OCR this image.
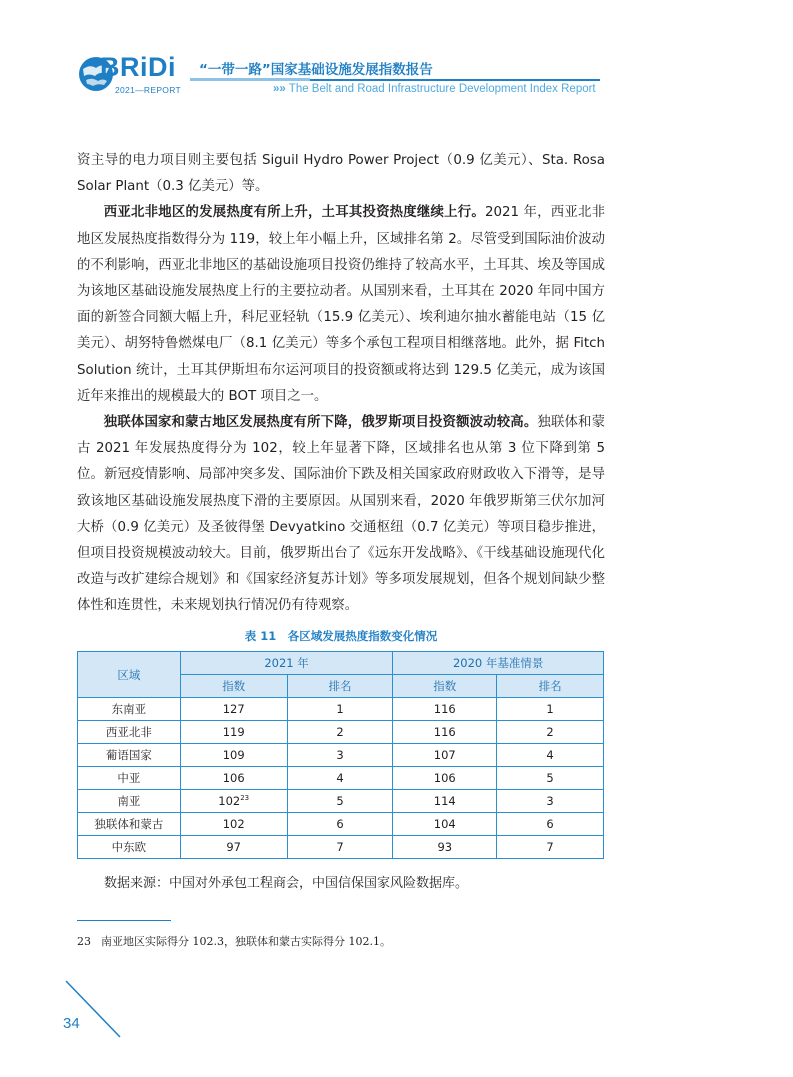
BRiDi
2021—REPORT
“一带一路”国家基础设施发展指数报告
»» The Belt and Road Infrastructure Development Index Report

资主导的电力项目则主要包括 Siguil Hydro Power Project（0.9 亿美元）、Sta. Rosa Solar Plant（0.3 亿美元）等。

西亚北非地区的发展热度有所上升，土耳其投资热度继续上行。2021 年，西亚北非地区发展热度指数得分为 119，较上年小幅上升，区域排名第 2。尽管受到国际油价波动的不利影响，西亚北非地区的基础设施项目投资仍维持了较高水平，土耳其、埃及等国成为该地区基础设施发展热度上行的主要拉动者。从国别来看，土耳其在 2020 年同中国方面的新签合同额大幅上升，科尼亚轻轨（15.9 亿美元）、埃利迪尔抽水蓄能电站（15 亿美元）、胡努特鲁燃煤电厂（8.1 亿美元）等多个承包工程项目相继落地。此外，据 Fitch Solution 统计，土耳其伊斯坦布尔运河项目的投资额或将达到 129.5 亿美元，成为该国近年来推出的规模最大的 BOT 项目之一。

独联体国家和蒙古地区发展热度有所下降，俄罗斯项目投资额波动较高。独联体和蒙古 2021 年发展热度得分为 102，较上年显著下降，区域排名也从第 3 位下降到第 5 位。新冠疫情影响、局部冲突多发、国际油价下跌及相关国家政府财政收入下滑等，是导致该地区基础设施发展热度下滑的主要原因。从国别来看，2020 年俄罗斯第三伏尔加河大桥（0.9 亿美元）及圣彼得堡 Devyatkino 交通枢纽（0.7 亿美元）等项目稳步推进，但项目投资规模波动较大。目前，俄罗斯出台了《远东开发战略》、《干线基础设施现代化改造与改扩建综合规划》和《国家经济复苏计划》等多项发展规划，但各个规划间缺少整体性和连贯性，未来规划执行情况仍有待观察。

表 11　各区域发展热度指数变化情况
区域	2021 年		2020 年基准情景	
	指数	排名	指数	排名
东南亚	127	1	116	1
西亚北非	119	2	116	2
葡语国家	109	3	107	4
中亚	106	4	106	5
南亚	102$^{23}$	5	114	3
独联体和蒙古	102	6	104	6
中东欧	97	7	93	7
数据来源：中国对外承包工程商会，中国信保国家风险数据库。
23 南亚地区实际得分 102.3，独联体和蒙古实际得分 102.1。
34
